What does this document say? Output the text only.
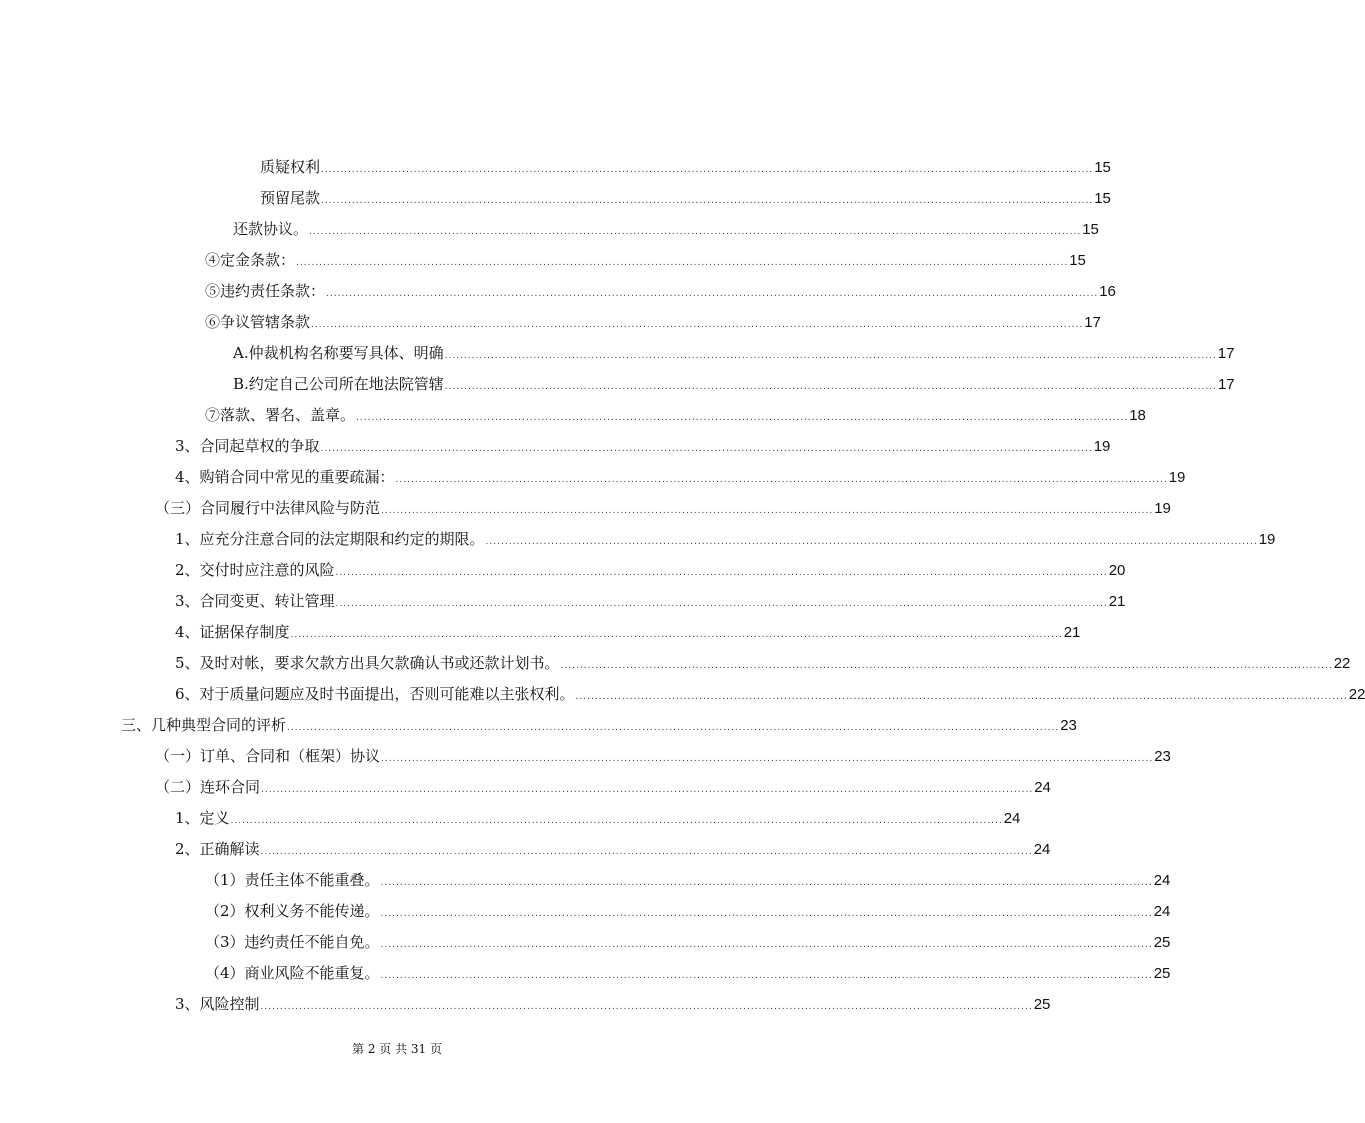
质疑权利 ........................................................................................................................................................................................................ 15
预留尾款 ........................................................................................................................................................................................................ 15
还款协议。 ........................................................................................................................................................................................................ 15
④定金条款： ........................................................................................................................................................................................................ 15
⑤违约责任条款： ........................................................................................................................................................................................................ 16
⑥争议管辖条款 ........................................................................................................................................................................................................ 17
A.仲裁机构名称要写具体、明确 ........................................................................................................................................................................................................ 17
B.约定自己公司所在地法院管辖 ........................................................................................................................................................................................................ 17
⑦落款、署名、盖章。 ........................................................................................................................................................................................................ 18
3、合同起草权的争取 ........................................................................................................................................................................................................ 19
4、购销合同中常见的重要疏漏： ........................................................................................................................................................................................................ 19
（三）合同履行中法律风险与防范 ........................................................................................................................................................................................................ 19
1、应充分注意合同的法定期限和约定的期限。 ........................................................................................................................................................................................................ 19
2、交付时应注意的风险 ........................................................................................................................................................................................................ 20
3、合同变更、转让管理 ........................................................................................................................................................................................................ 21
4、证据保存制度 ........................................................................................................................................................................................................ 21
5、及时对帐，要求欠款方出具欠款确认书或还款计划书。 ........................................................................................................................................................................................................ 22
6、对于质量问题应及时书面提出，否则可能难以主张权利。 ........................................................................................................................................................................................................ 22
三、几种典型合同的评析 ........................................................................................................................................................................................................ 23
（一）订单、合同和（框架）协议 ........................................................................................................................................................................................................ 23
（二）连环合同 ........................................................................................................................................................................................................ 24
1、定义 ........................................................................................................................................................................................................ 24
2、正确解读 ........................................................................................................................................................................................................ 24
（1）责任主体不能重叠。 ........................................................................................................................................................................................................ 24
（2）权利义务不能传递。 ........................................................................................................................................................................................................ 24
（3）违约责任不能自免。 ........................................................................................................................................................................................................ 25
（4）商业风险不能重复。 ........................................................................................................................................................................................................ 25
3、风险控制 ........................................................................................................................................................................................................ 25
第 2 页 共 31 页
